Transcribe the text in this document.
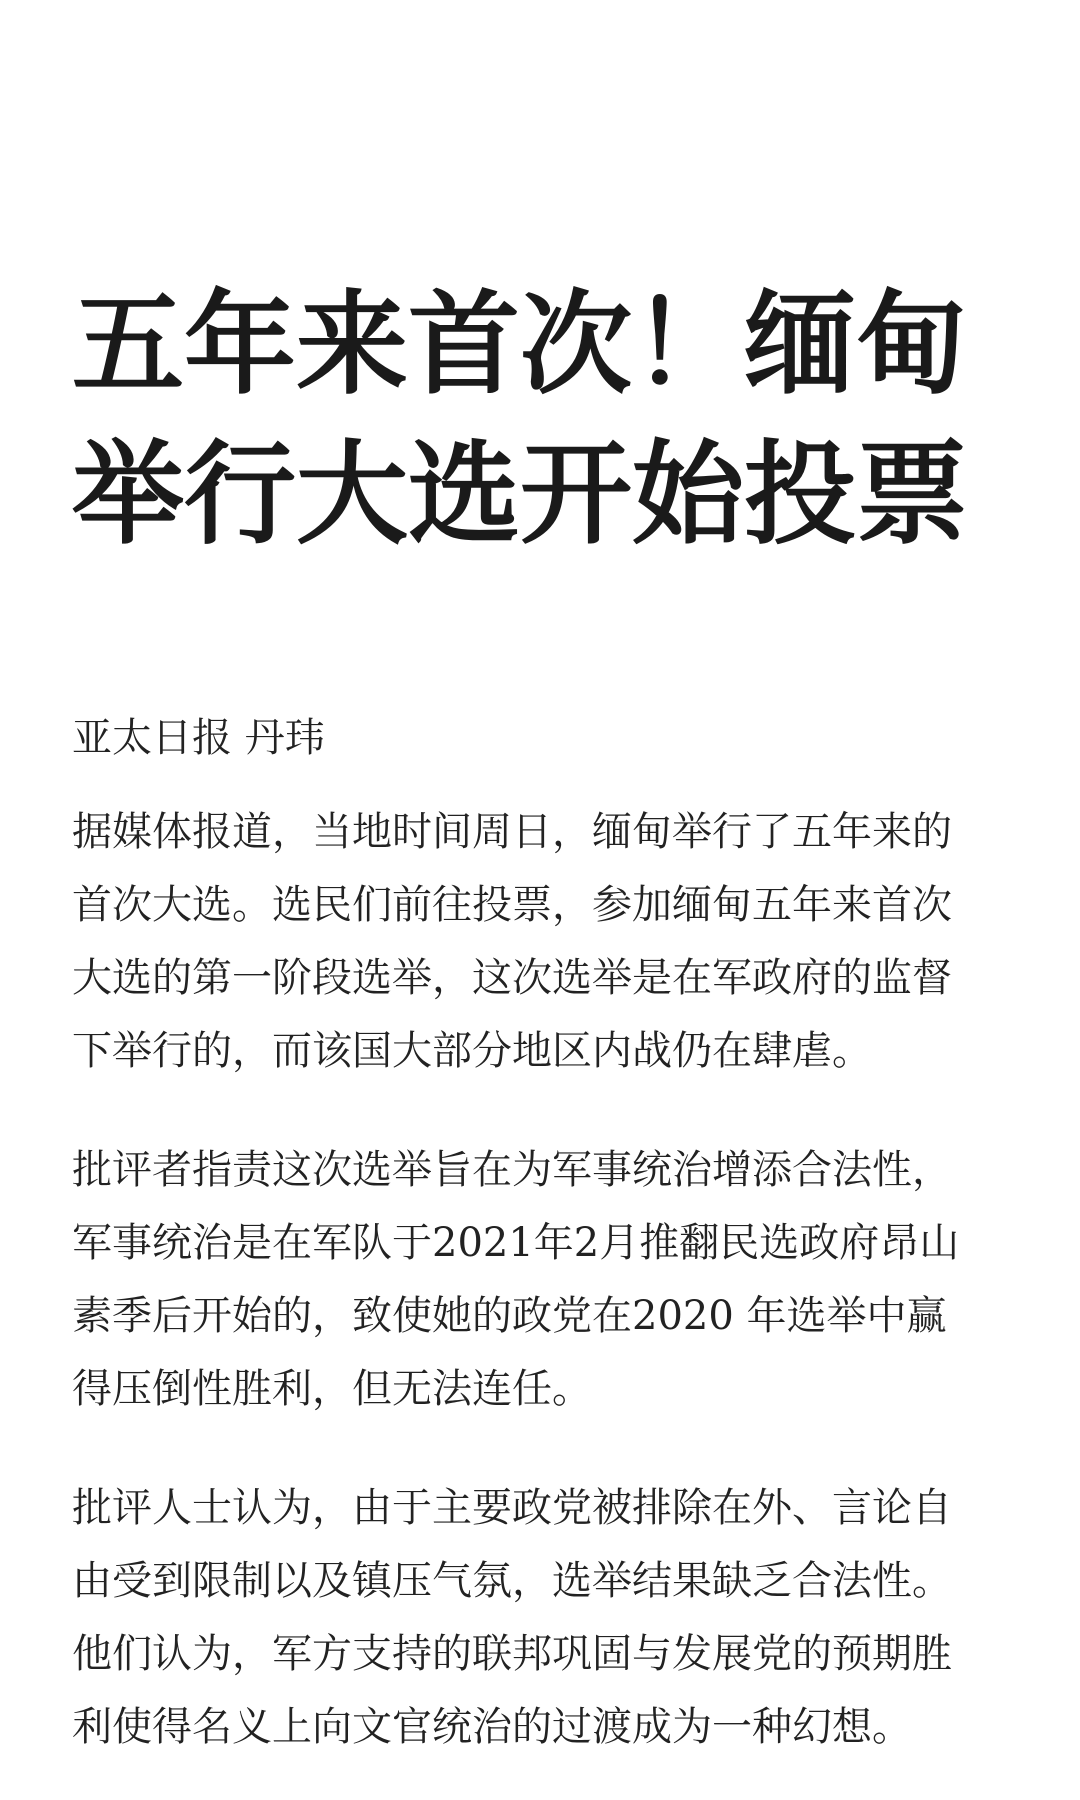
五年来首次！缅甸
举行大选开始投票

亚太日报 丹玮

据媒体报道，当地时间周日，缅甸举行了五年来的
首次大选。选民们前往投票，参加缅甸五年来首次
大选的第一阶段选举，这次选举是在军政府的监督
下举行的，而该国大部分地区内战仍在肆虐。

批评者指责这次选举旨在为军事统治增添合法性，
军事统治是在军队于2021年2月推翻民选政府昂山
素季后开始的，致使她的政党在2020 年选举中赢
得压倒性胜利，但无法连任。

批评人士认为，由于主要政党被排除在外、言论自
由受到限制以及镇压气氛，选举结果缺乏合法性。
他们认为，军方支持的联邦巩固与发展党的预期胜
利使得名义上向文官统治的过渡成为一种幻想。
